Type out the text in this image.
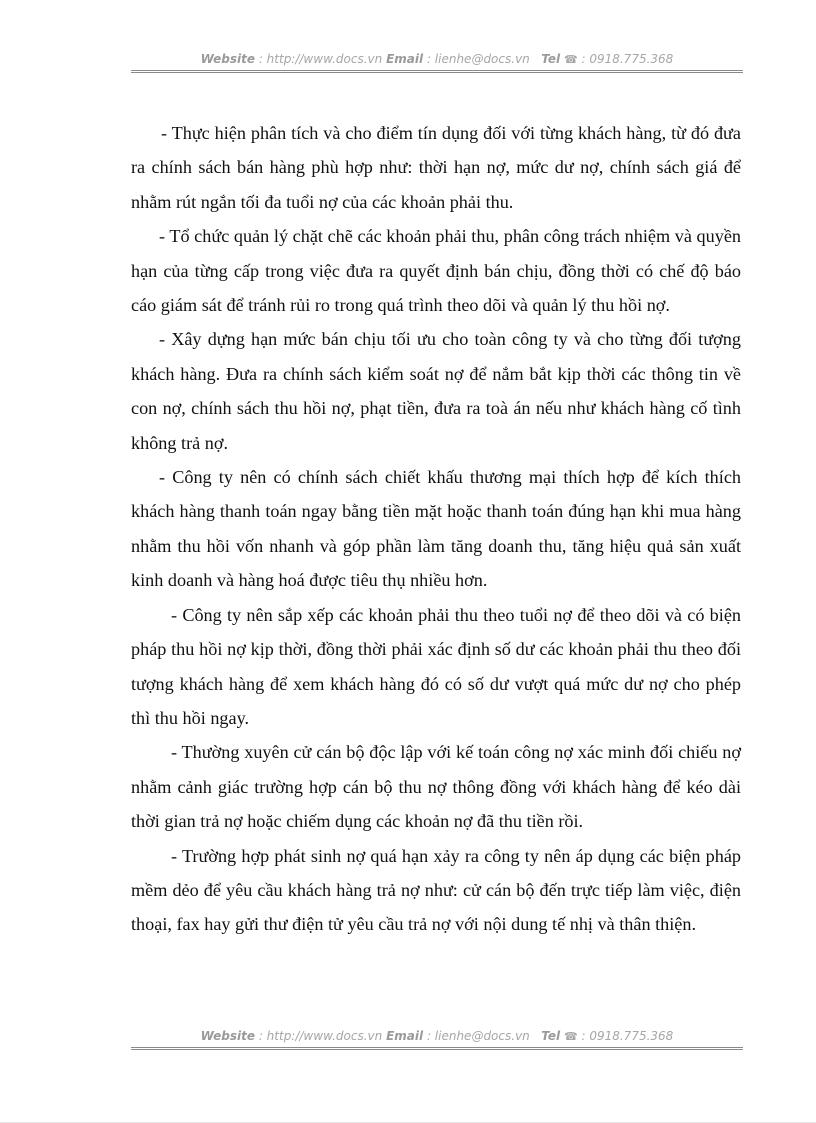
Website : http://www.docs.vn Email : lienhe@docs.vn Tel ☎ : 0918.775.368

- Thực hiện phân tích và cho điểm tín dụng đối với từng khách hàng, từ đó đưa ra chính sách bán hàng phù hợp như: thời hạn nợ, mức dư nợ, chính sách giá để nhằm rút ngắn tối đa tuổi nợ của các khoản phải thu.

- Tổ chức quản lý chặt chẽ các khoản phải thu, phân công trách nhiệm và quyền hạn của từng cấp trong việc đưa ra quyết định bán chịu, đồng thời có chế độ báo cáo giám sát để tránh rủi ro trong quá trình theo dõi và quản lý thu hồi nợ.

- Xây dựng hạn mức bán chịu tối ưu cho toàn công ty và cho từng đối tượng khách hàng. Đưa ra chính sách kiểm soát nợ để nắm bắt kịp thời các thông tin về con nợ, chính sách thu hồi nợ, phạt tiền, đưa ra toà án nếu như khách hàng cố tình không trả nợ.

- Công ty nên có chính sách chiết khấu thương mại thích hợp để kích thích khách hàng thanh toán ngay bằng tiền mặt hoặc thanh toán đúng hạn khi mua hàng nhằm thu hồi vốn nhanh và góp phần làm tăng doanh thu, tăng hiệu quả sản xuất kinh doanh và hàng hoá được tiêu thụ nhiều hơn.

- Công ty nên sắp xếp các khoản phải thu theo tuổi nợ để theo dõi và có biện pháp thu hồi nợ kịp thời, đồng thời phải xác định số dư các khoản phải thu theo đối tượng khách hàng để xem khách hàng đó có số dư vượt quá mức dư nợ cho phép thì thu hồi ngay.

- Thường xuyên cử cán bộ độc lập với kế toán công nợ xác minh đối chiếu nợ nhằm cảnh giác trường hợp cán bộ thu nợ thông đồng với khách hàng để kéo dài thời gian trả nợ hoặc chiếm dụng các khoản nợ đã thu tiền rồi.

- Trường hợp phát sinh nợ quá hạn xảy ra công ty nên áp dụng các biện pháp mềm dẻo để yêu cầu khách hàng trả nợ như: cử cán bộ đến trực tiếp làm việc, điện thoại, fax hay gửi thư điện tử yêu cầu trả nợ với nội dung tế nhị và thân thiện.

Website : http://www.docs.vn Email : lienhe@docs.vn Tel ☎ : 0918.775.368
